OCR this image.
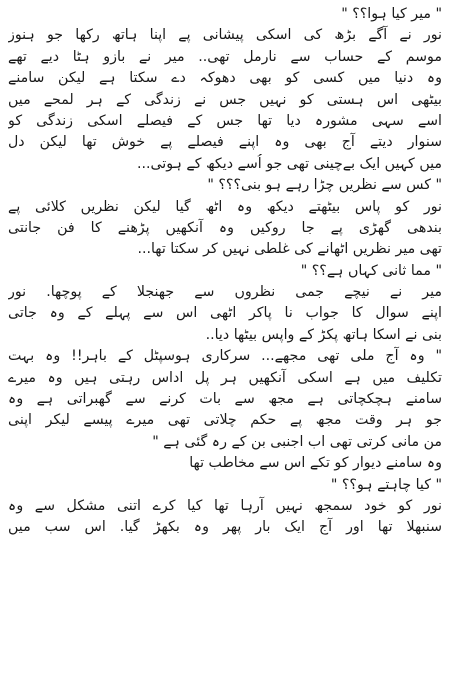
" میر کیا ہوا؟؟ "
نور نے آگے بڑھ کی اسکی پیشانی پے اپنا ہاتھ رکھا جو ہنوز
موسم کے حساب سے نارمل تھی.. میر نے بازو ہٹا دیے تھے
وہ دنیا میں کسی کو بھی دھوکہ دے سکتا ہے لیکن سامنے
بیٹھی اس ہستی کو نہیں جس نے زندگی کے ہر لمحے میں
اسے سہی مشورہ دیا تھا جس کے فیصلے اسکی زندگی کو
سنوار دیتے آج بھی وہ اپنے فیصلے پے خوش تھا لیکن دل
میں کہیں ایک بےچینی تھی جو اُسے دیکھ کے ہوتی...
" کس سے نظریں چڑا رہے ہو بنی؟؟؟ "
نور کو پاس بیٹھتے دیکھ وہ اٹھ گیا لیکن نظریں کلائی پے
بندھی گھڑی پے جا روکیں وہ آنکھیں پڑھنے کا فن جانتی
تھی میر نظریں اٹھانے کی غلطی نہیں کر سکتا تھا...
" مما ثانی کہاں ہے؟؟ "
میر نے نیچے جمی نظروں سے جھنجلا کے پوچھا. نور
اپنے سوال کا جواب نا پاکر اٹھی اس سے پہلے کے وہ جاتی
بنی نے اسکا ہاتھ پکڑ کے واپس بیٹھا دیا..
" وہ آج ملی تھی مجھے... سرکاری ہوسپٹل کے باہر!! وہ بہت
تکلیف میں ہے اسکی آنکھیں ہر پل اداس رہتی ہیں وہ میرے
سامنے ہچکچاتی ہے مجھ سے بات کرنے سے گھبراتی ہے وہ
جو ہر وقت مجھ پے حکم چلاتی تھی میرے پیسے لیکر اپنی
من مانی کرتی تھی اب اجنبی بن کے رہ گئی ہے "
وہ سامنے دیوار کو تکے اس سے مخاطب تھا
" کیا چاہتے ہو؟؟ "
نور کو خود سمجھ نہیں آرہا تھا کیا کرے اتنی مشکل سے وہ
سنبھلا تھا اور آج ایک بار پھر وہ بکھڑ گیا. اس سب میں
